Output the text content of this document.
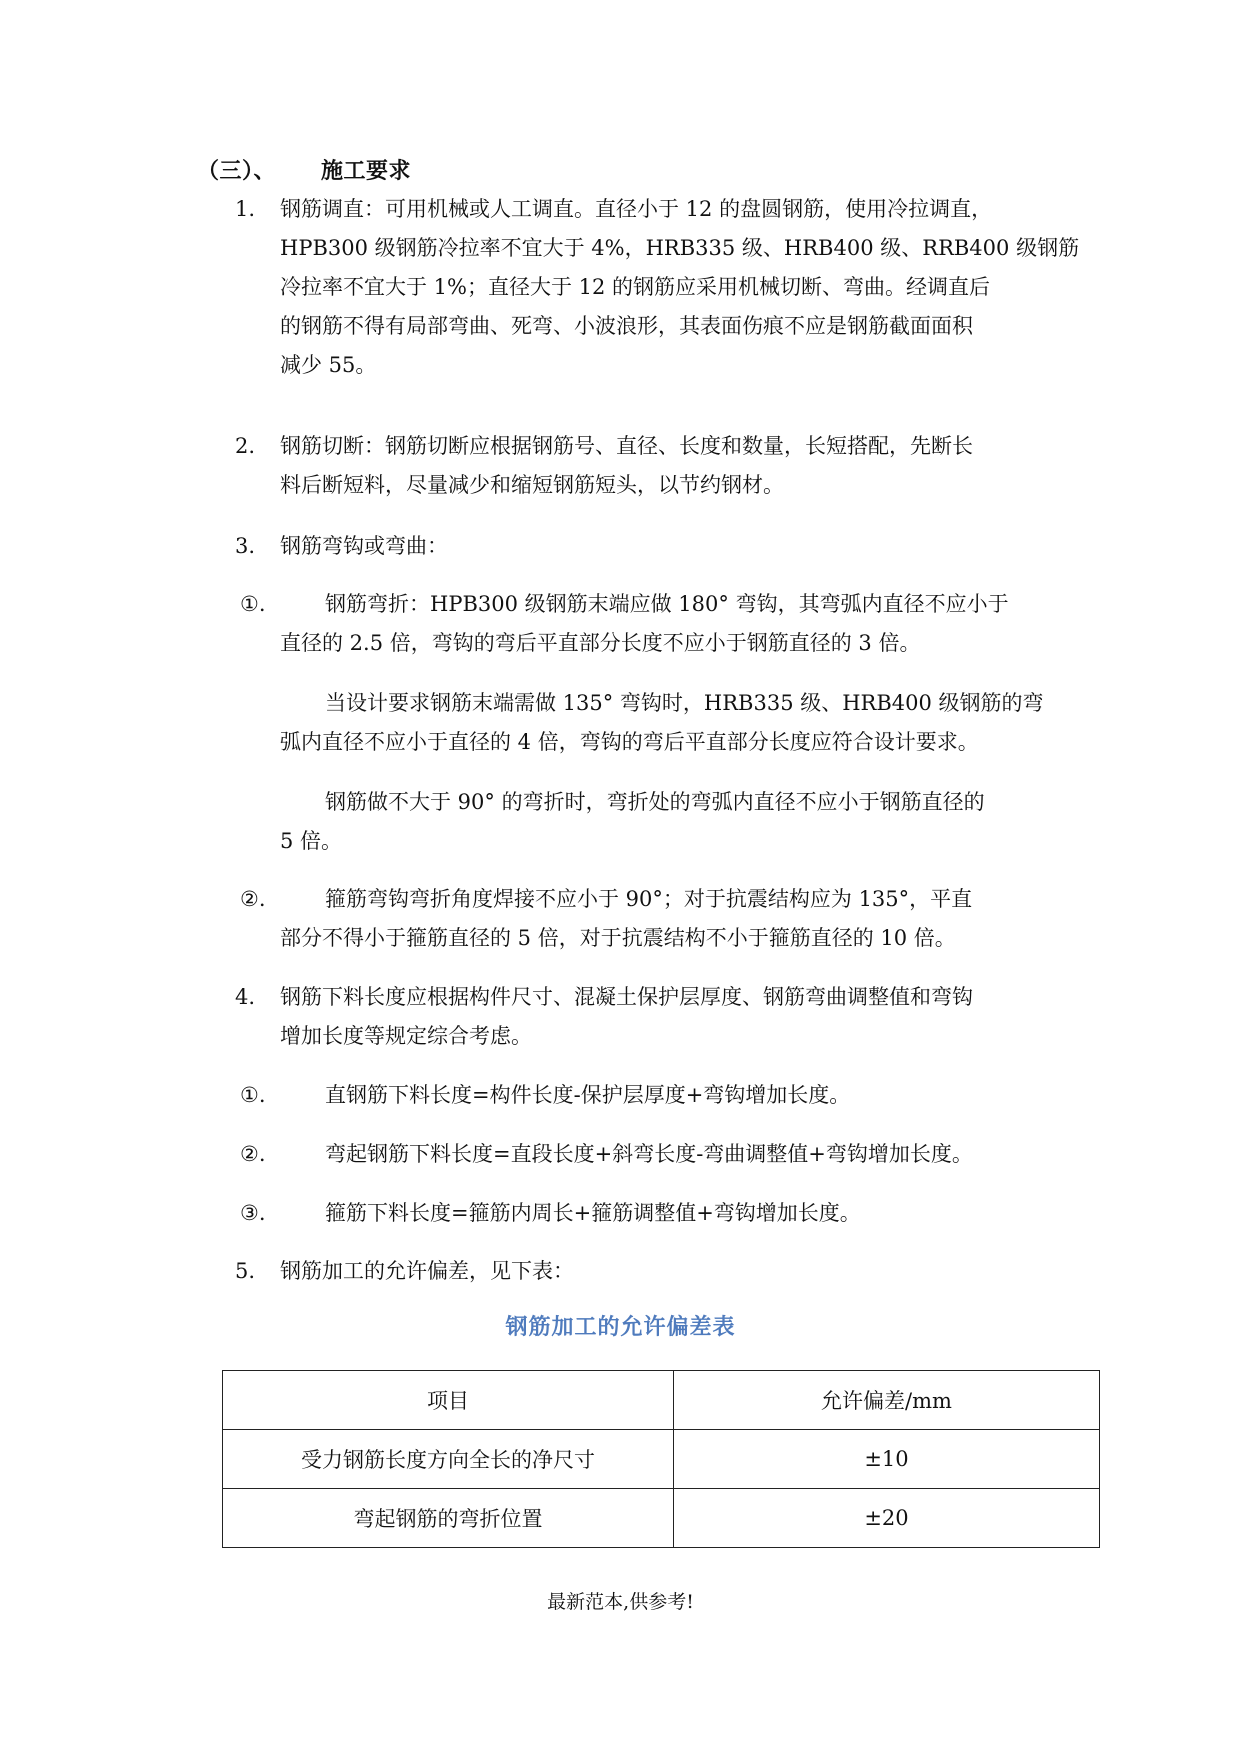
（三）、 施工要求
1. 钢筋调直：可用机械或人工调直。直径小于 12 的盘圆钢筋，使用冷拉调直，
HPB300 级钢筋冷拉率不宜大于 4%，HRB335 级、HRB400 级、RRB400 级钢筋
冷拉率不宜大于 1%；直径大于 12 的钢筋应采用机械切断、弯曲。经调直后
的钢筋不得有局部弯曲、死弯、小波浪形，其表面伤痕不应是钢筋截面面积
减少 55。
2. 钢筋切断：钢筋切断应根据钢筋号、直径、长度和数量，长短搭配，先断长
料后断短料，尽量减少和缩短钢筋短头，以节约钢材。
3. 钢筋弯钩或弯曲：
①.	钢筋弯折：HPB300 级钢筋末端应做 180° 弯钩，其弯弧内直径不应小于
直径的 2.5 倍，弯钩的弯后平直部分长度不应小于钢筋直径的 3 倍。
当设计要求钢筋末端需做 135° 弯钩时，HRB335 级、HRB400 级钢筋的弯
弧内直径不应小于直径的 4 倍，弯钩的弯后平直部分长度应符合设计要求。
钢筋做不大于 90° 的弯折时，弯折处的弯弧内直径不应小于钢筋直径的
5 倍。
②.	箍筋弯钩弯折角度焊接不应小于 90°；对于抗震结构应为 135°，平直
部分不得小于箍筋直径的 5 倍，对于抗震结构不小于箍筋直径的 10 倍。
4. 钢筋下料长度应根据构件尺寸、混凝土保护层厚度、钢筋弯曲调整值和弯钩
增加长度等规定综合考虑。
①.	直钢筋下料长度=构件长度-保护层厚度+弯钩增加长度。
②.	弯起钢筋下料长度=直段长度+斜弯长度-弯曲调整值+弯钩增加长度。
③.	箍筋下料长度=箍筋内周长+箍筋调整值+弯钩增加长度。
5. 钢筋加工的允许偏差，见下表：
钢筋加工的允许偏差表
项目	允许偏差/mm
受力钢筋长度方向全长的净尺寸	±10
弯起钢筋的弯折位置	±20
最新范本,供参考!
